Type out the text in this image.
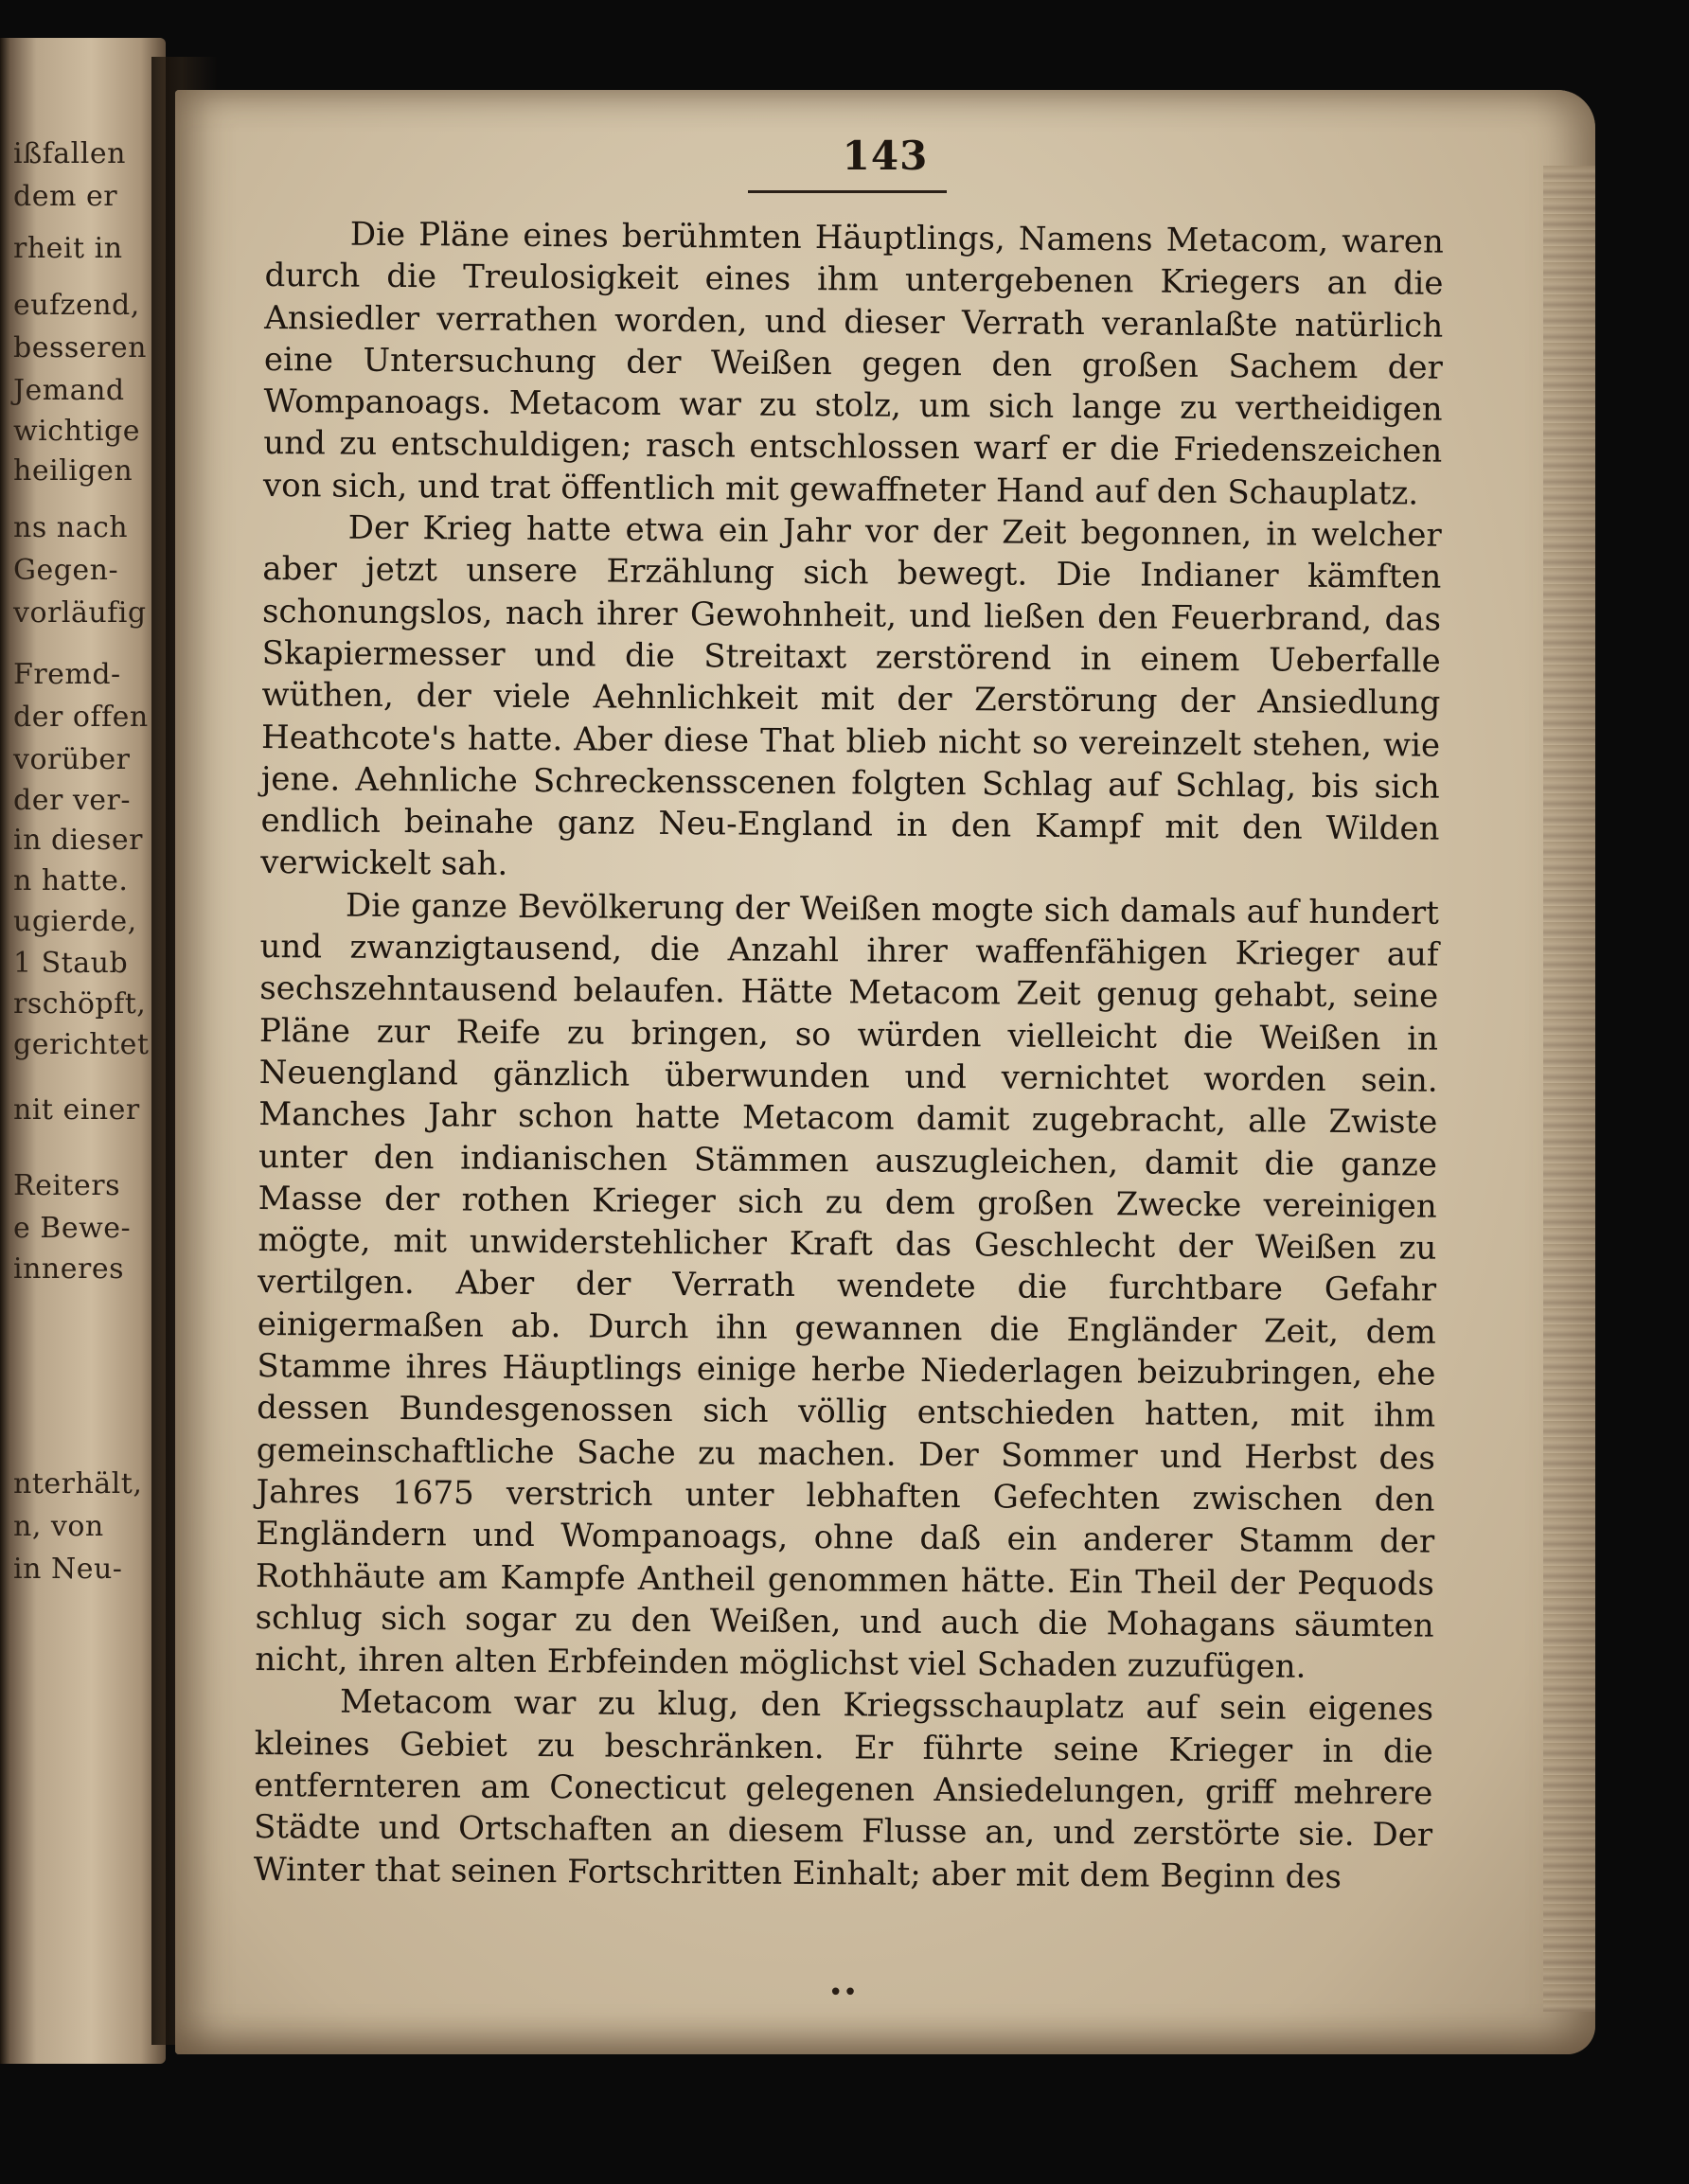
ißfallen
dem er
rheit in
eufzend,
besseren
Jemand
wichtige
heiligen
ns nach
Gegen-
vorläufig
Fremd-
der offen
vorüber
der ver-
in dieser
n hatte.
ugierde,
1 Staub
rschöpft,
gerichtet
nit einer
Reiters
e Bewe-
inneres
nterhält,
n, von
in Neu-
143

Die Pläne eines berühmten Häuptlings, Namens Metacom, waren durch die Treulosigkeit eines ihm untergebenen Kriegers an die Ansiedler verrathen worden, und dieser Verrath veranlaßte natürlich eine Untersuchung der Weißen gegen den großen Sachem der Wompanoags. Metacom war zu stolz, um sich lange zu vertheidigen und zu entschuldigen; rasch entschlossen warf er die Friedenszeichen von sich, und trat öffentlich mit gewaffneter Hand auf den Schauplatz.

Der Krieg hatte etwa ein Jahr vor der Zeit begonnen, in welcher aber jetzt unsere Erzählung sich bewegt. Die Indianer kämften schonungslos, nach ihrer Gewohnheit, und ließen den Feuerbrand, das Skapiermesser und die Streitaxt zerstörend in einem Ueberfalle wüthen, der viele Aehnlichkeit mit der Zerstörung der Ansiedlung Heathcote's hatte. Aber diese That blieb nicht so vereinzelt stehen, wie jene. Aehnliche Schreckensscenen folgten Schlag auf Schlag, bis sich endlich beinahe ganz Neu-England in den Kampf mit den Wilden verwickelt sah.

Die ganze Bevölkerung der Weißen mogte sich damals auf hundert und zwanzigtausend, die Anzahl ihrer waffenfähigen Krieger auf sechszehntausend belaufen. Hätte Metacom Zeit genug gehabt, seine Pläne zur Reife zu bringen, so würden vielleicht die Weißen in Neuengland gänzlich überwunden und vernichtet worden sein. Manches Jahr schon hatte Metacom damit zugebracht, alle Zwiste unter den indianischen Stämmen auszugleichen, damit die ganze Masse der rothen Krieger sich zu dem großen Zwecke vereinigen mögte, mit unwiderstehlicher Kraft das Geschlecht der Weißen zu vertilgen. Aber der Verrath wendete die furchtbare Gefahr einigermaßen ab. Durch ihn gewannen die Engländer Zeit, dem Stamme ihres Häuptlings einige herbe Niederlagen beizubringen, ehe dessen Bundesgenossen sich völlig entschieden hatten, mit ihm gemeinschaftliche Sache zu machen. Der Sommer und Herbst des Jahres 1675 verstrich unter lebhaften Gefechten zwischen den Engländern und Wompanoags, ohne daß ein anderer Stamm der Rothhäute am Kampfe Antheil genommen hätte. Ein Theil der Pequods schlug sich sogar zu den Weißen, und auch die Mohagans säumten nicht, ihren alten Erbfeinden möglichst viel Schaden zuzufügen.

Metacom war zu klug, den Kriegsschauplatz auf sein eigenes kleines Gebiet zu beschränken. Er führte seine Krieger in die entfernteren am Conecticut gelegenen Ansiedelungen, griff mehrere Städte und Ortschaften an diesem Flusse an, und zerstörte sie. Der Winter that seinen Fortschritten Einhalt; aber mit dem Beginn des

••
